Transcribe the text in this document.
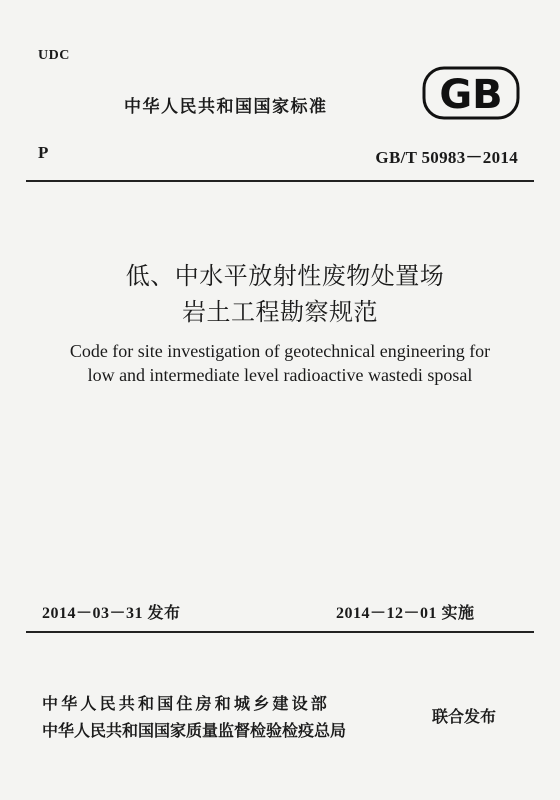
UDC
中华人民共和国国家标准	GB
P	GB/T 50983－2014
低、中水平放射性废物处置场
岩土工程勘察规范
Code for site investigation of geotechnical engineering for
low and intermediate level radioactive wastedi sposal
2014－03－31 发布	2014－12－01 实施
中华人民共和国住房和城乡建设部
中华人民共和国国家质量监督检验检疫总局
联合发布
